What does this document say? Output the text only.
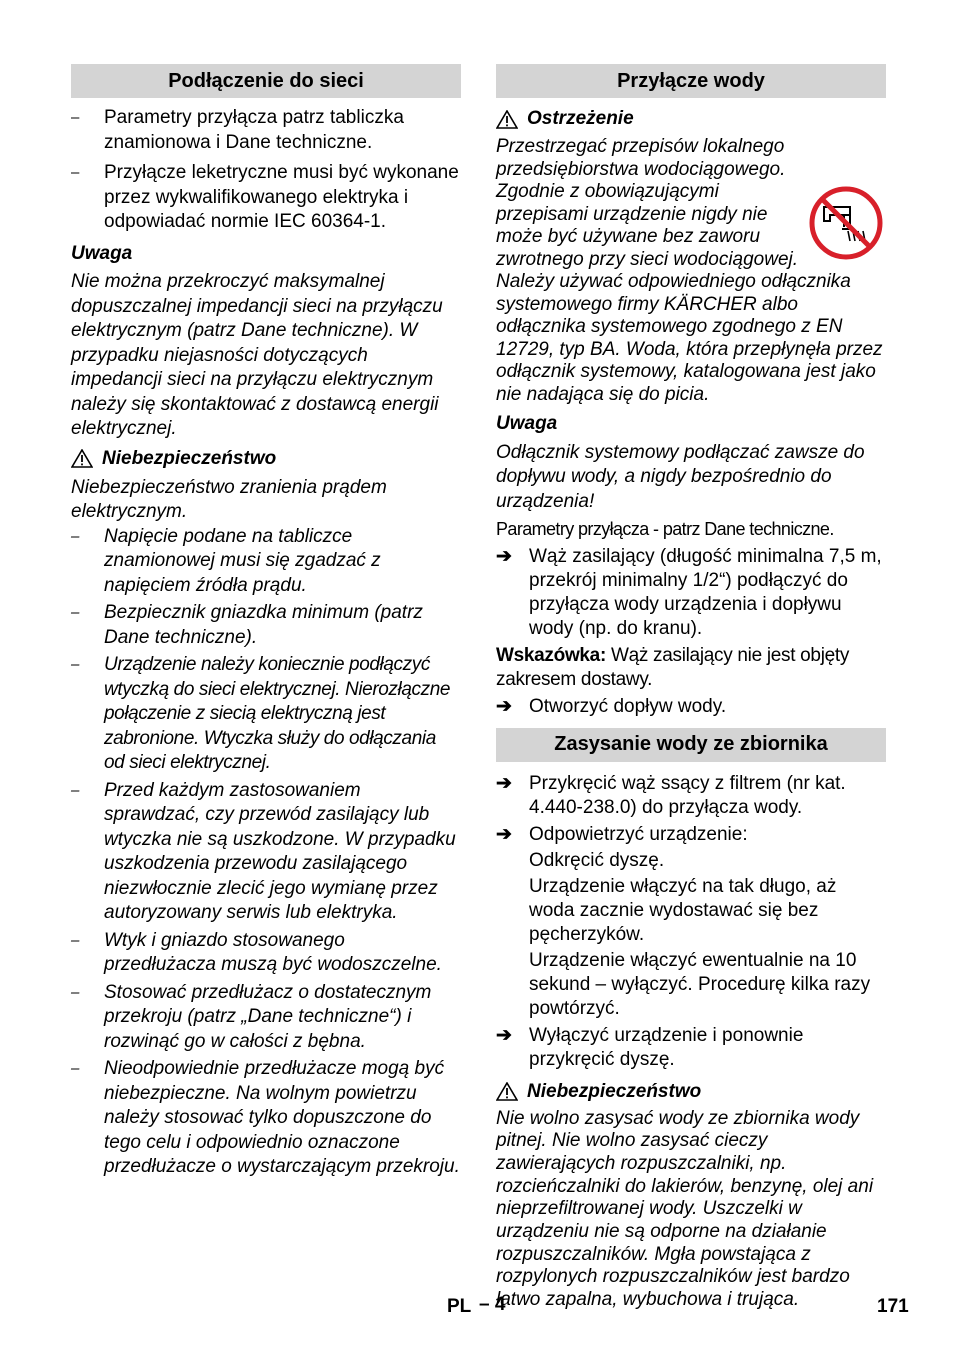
Podłączenie do sieci
– Parametry przyłącza patrz tabliczka znamionowa i Dane techniczne.
– Przyłącze leketryczne musi być wykonane przez wykwalifikowanego elektryka i odpowiadać normie IEC 60364-1.

Uwaga

Nie można przekroczyć maksymalnej dopuszczalnej impedancji sieci na przyłączu elektrycznym (patrz Dane techniczne). W przypadku niejasności dotyczących impedancji sieci na przyłączu elektrycznym należy się skontaktować z dostawcą energii elektrycznej.

Niebezpieczeństwo

Niebezpieczeństwo zranienia prądem elektrycznym.

– Napięcie podane na tabliczce znamionowej musi się zgadzać z napięciem źródła prądu.
– Bezpiecznik gniazdka minimum (patrz Dane techniczne).
– Urządzenie należy koniecznie podłączyć wtyczką do sieci elektrycznej. Nierozłączne połączenie z siecią elektryczną jest zabronione. Wtyczka służy do odłączania od sieci elektrycznej.
– Przed każdym zastosowaniem sprawdzać, czy przewód zasilający lub wtyczka nie są uszkodzone. W przypadku uszkodzenia przewodu zasilającego niezwłocznie zlecić jego wymianę przez autoryzowany serwis lub elektryka.
– Wtyk i gniazdo stosowanego przedłużacza muszą być wodoszczelne.
– Stosować przedłużacz o dostatecznym przekroju (patrz „Dane techniczne“) i rozwinąć go w całości z bębna.
– Nieodpowiednie przedłużacze mogą być niebezpieczne. Na wolnym powietrzu należy stosować tylko dopuszczone do tego celu i odpowiednio oznaczone przedłużacze o wystarczającym przekroju.
Przyłącze wody
Ostrzeżenie

Przestrzegać przepisów lokalnego przedsiębiorstwa wodociągowego.

Zgodnie z obowiązującymi przepisami urządzenie nigdy nie może być używane bez zaworu zwrotnego przy sieci wodociągowej. Należy używać odpowiedniego odłącznika systemowego firmy KÄRCHER albo odłącznika systemowego zgodnego z EN 12729, typ BA. Woda, która przepłynęła przez odłącznik systemowy, katalogowana jest jako nie nadająca się do picia.

Uwaga

Odłącznik systemowy podłączać zawsze do dopływu wody, a nigdy bezpośrednio do urządzenia!

Parametry przyłącza - patrz Dane techniczne.

➔ Wąż zasilający (długość minimalna 7,5 m, przekrój minimalny 1/2“) podłączyć do przyłącza wody urządzenia i dopływu wody (np. do kranu).

Wskazówka: Wąż zasilający nie jest objęty zakresem dostawy.

➔ Otworzyć dopływ wody.
Zasysanie wody ze zbiornika
➔ Przykręcić wąż ssący z filtrem (nr kat. 4.440-238.0) do przyłącza wody.
➔ Odpowietrzyć urządzenie:

Odkręcić dyszę.

Urządzenie włączyć na tak długo, aż woda zacznie wydostawać się bez pęcherzyków.

Urządzenie włączyć ewentualnie na 10 sekund – wyłączyć. Procedurę kilka razy powtórzyć.

➔ Wyłączyć urządzenie i ponownie przykręcić dyszę.
Niebezpieczeństwo

Nie wolno zasysać wody ze zbiornika wody pitnej. Nie wolno zasysać cieczy zawierających rozpuszczalniki, np. rozcieńczalniki do lakierów, benzynę, olej ani nieprzefiltrowanej wody. Uszczelki w urządzeniu nie są odporne na działanie rozpuszczalników. Mgła powstająca z rozpylonych rozpuszczalników jest bardzo łatwo zapalna, wybuchowa i trująca.

PL – 4	171
